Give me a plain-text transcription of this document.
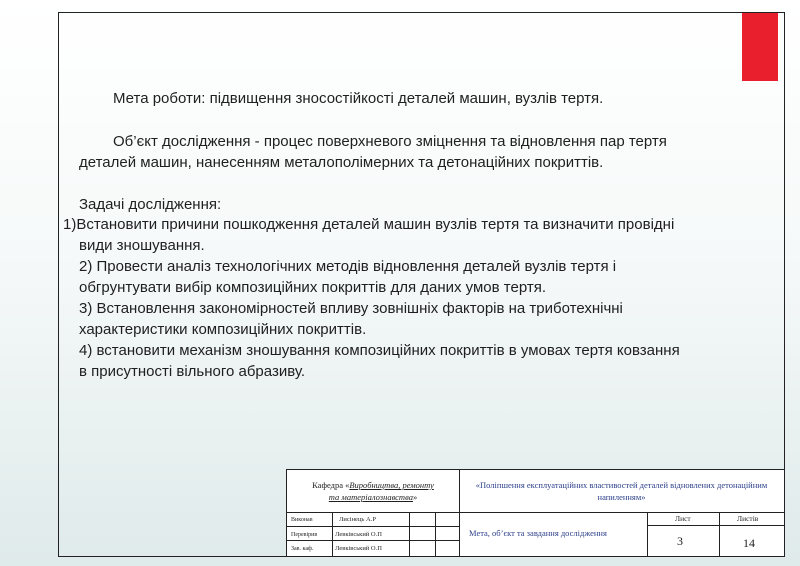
Мета роботи: підвищення зносостійкості деталей машин, вузлів тертя.
Об’єкт дослідження - процес поверхневого зміцнення та відновлення пар тертя
деталей машин, нанесенням металополімерних та детонаційних покриттів.
Задачі дослідження:
1)Встановити причини пошкодження деталей машин вузлів тертя та визначити провідні
види зношування.
2) Провести аналіз технологічних методів відновлення деталей вузлів тертя і
обгрунтувати вибір композиційних покриттів для даних умов тертя.
3) Встановлення закономірностей впливу зовнішніх факторів на триботехнічні
характеристики композиційних покриттів.
4) встановити механізм зношування композиційних покриттів в умовах тертя ковзання
в присутності вільного абразиву.
Кафедра «Виробництва, ремонту
та матеріалознавства»
«Поліпшення експлуатаційних властивостей деталей відновлених детонаційним напиленням»
Виконав	Лисінець А.Р
Перевірив	Левківський О.П
Зав. каф.	Левківський О.П
Мета, об’єкт та завдання дослідження
Лист	Листів
3	14
